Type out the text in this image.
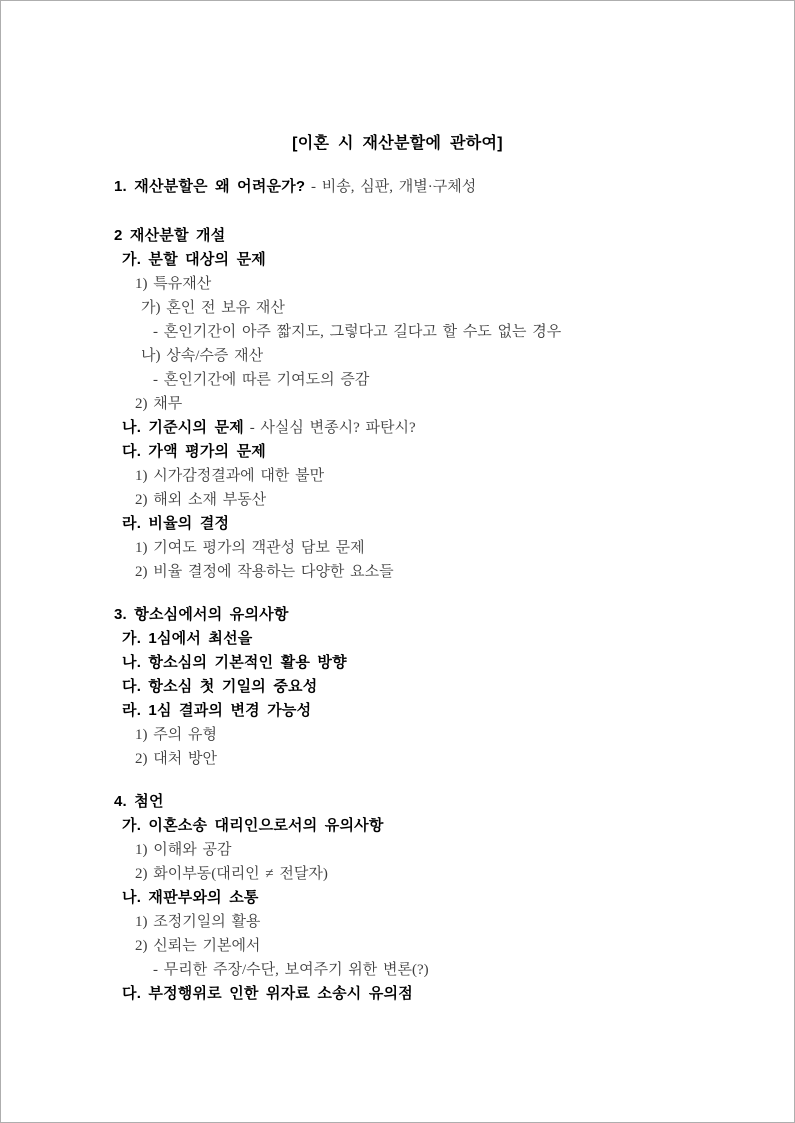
[이혼 시 재산분할에 관하여]
1. 재산분할은 왜 어려운가? - 비송, 심판, 개별·구체성
2 재산분할 개설
가. 분할 대상의 문제
1) 특유재산
가) 혼인 전 보유 재산
- 혼인기간이 아주 짧지도, 그렇다고 길다고 할 수도 없는 경우
나) 상속/수증 재산
- 혼인기간에 따른 기여도의 증감
2) 채무
나. 기준시의 문제 - 사실심 변종시? 파탄시?
다. 가액 평가의 문제
1) 시가감정결과에 대한 불만
2) 해외 소재 부동산
라. 비율의 결정
1) 기여도 평가의 객관성 담보 문제
2) 비율 결정에 작용하는 다양한 요소들
3. 항소심에서의 유의사항
가. 1심에서 최선을
나. 항소심의 기본적인 활용 방향
다. 항소심 첫 기일의 중요성
라. 1심 결과의 변경 가능성
1) 주의 유형
2) 대처 방안
4. 첨언
가. 이혼소송 대리인으로서의 유의사항
1) 이해와 공감
2) 화이부동(대리인 ≠ 전달자)
나. 재판부와의 소통
1) 조정기일의 활용
2) 신뢰는 기본에서
- 무리한 주장/수단, 보여주기 위한 변론(?)
다. 부정행위로 인한 위자료 소송시 유의점
